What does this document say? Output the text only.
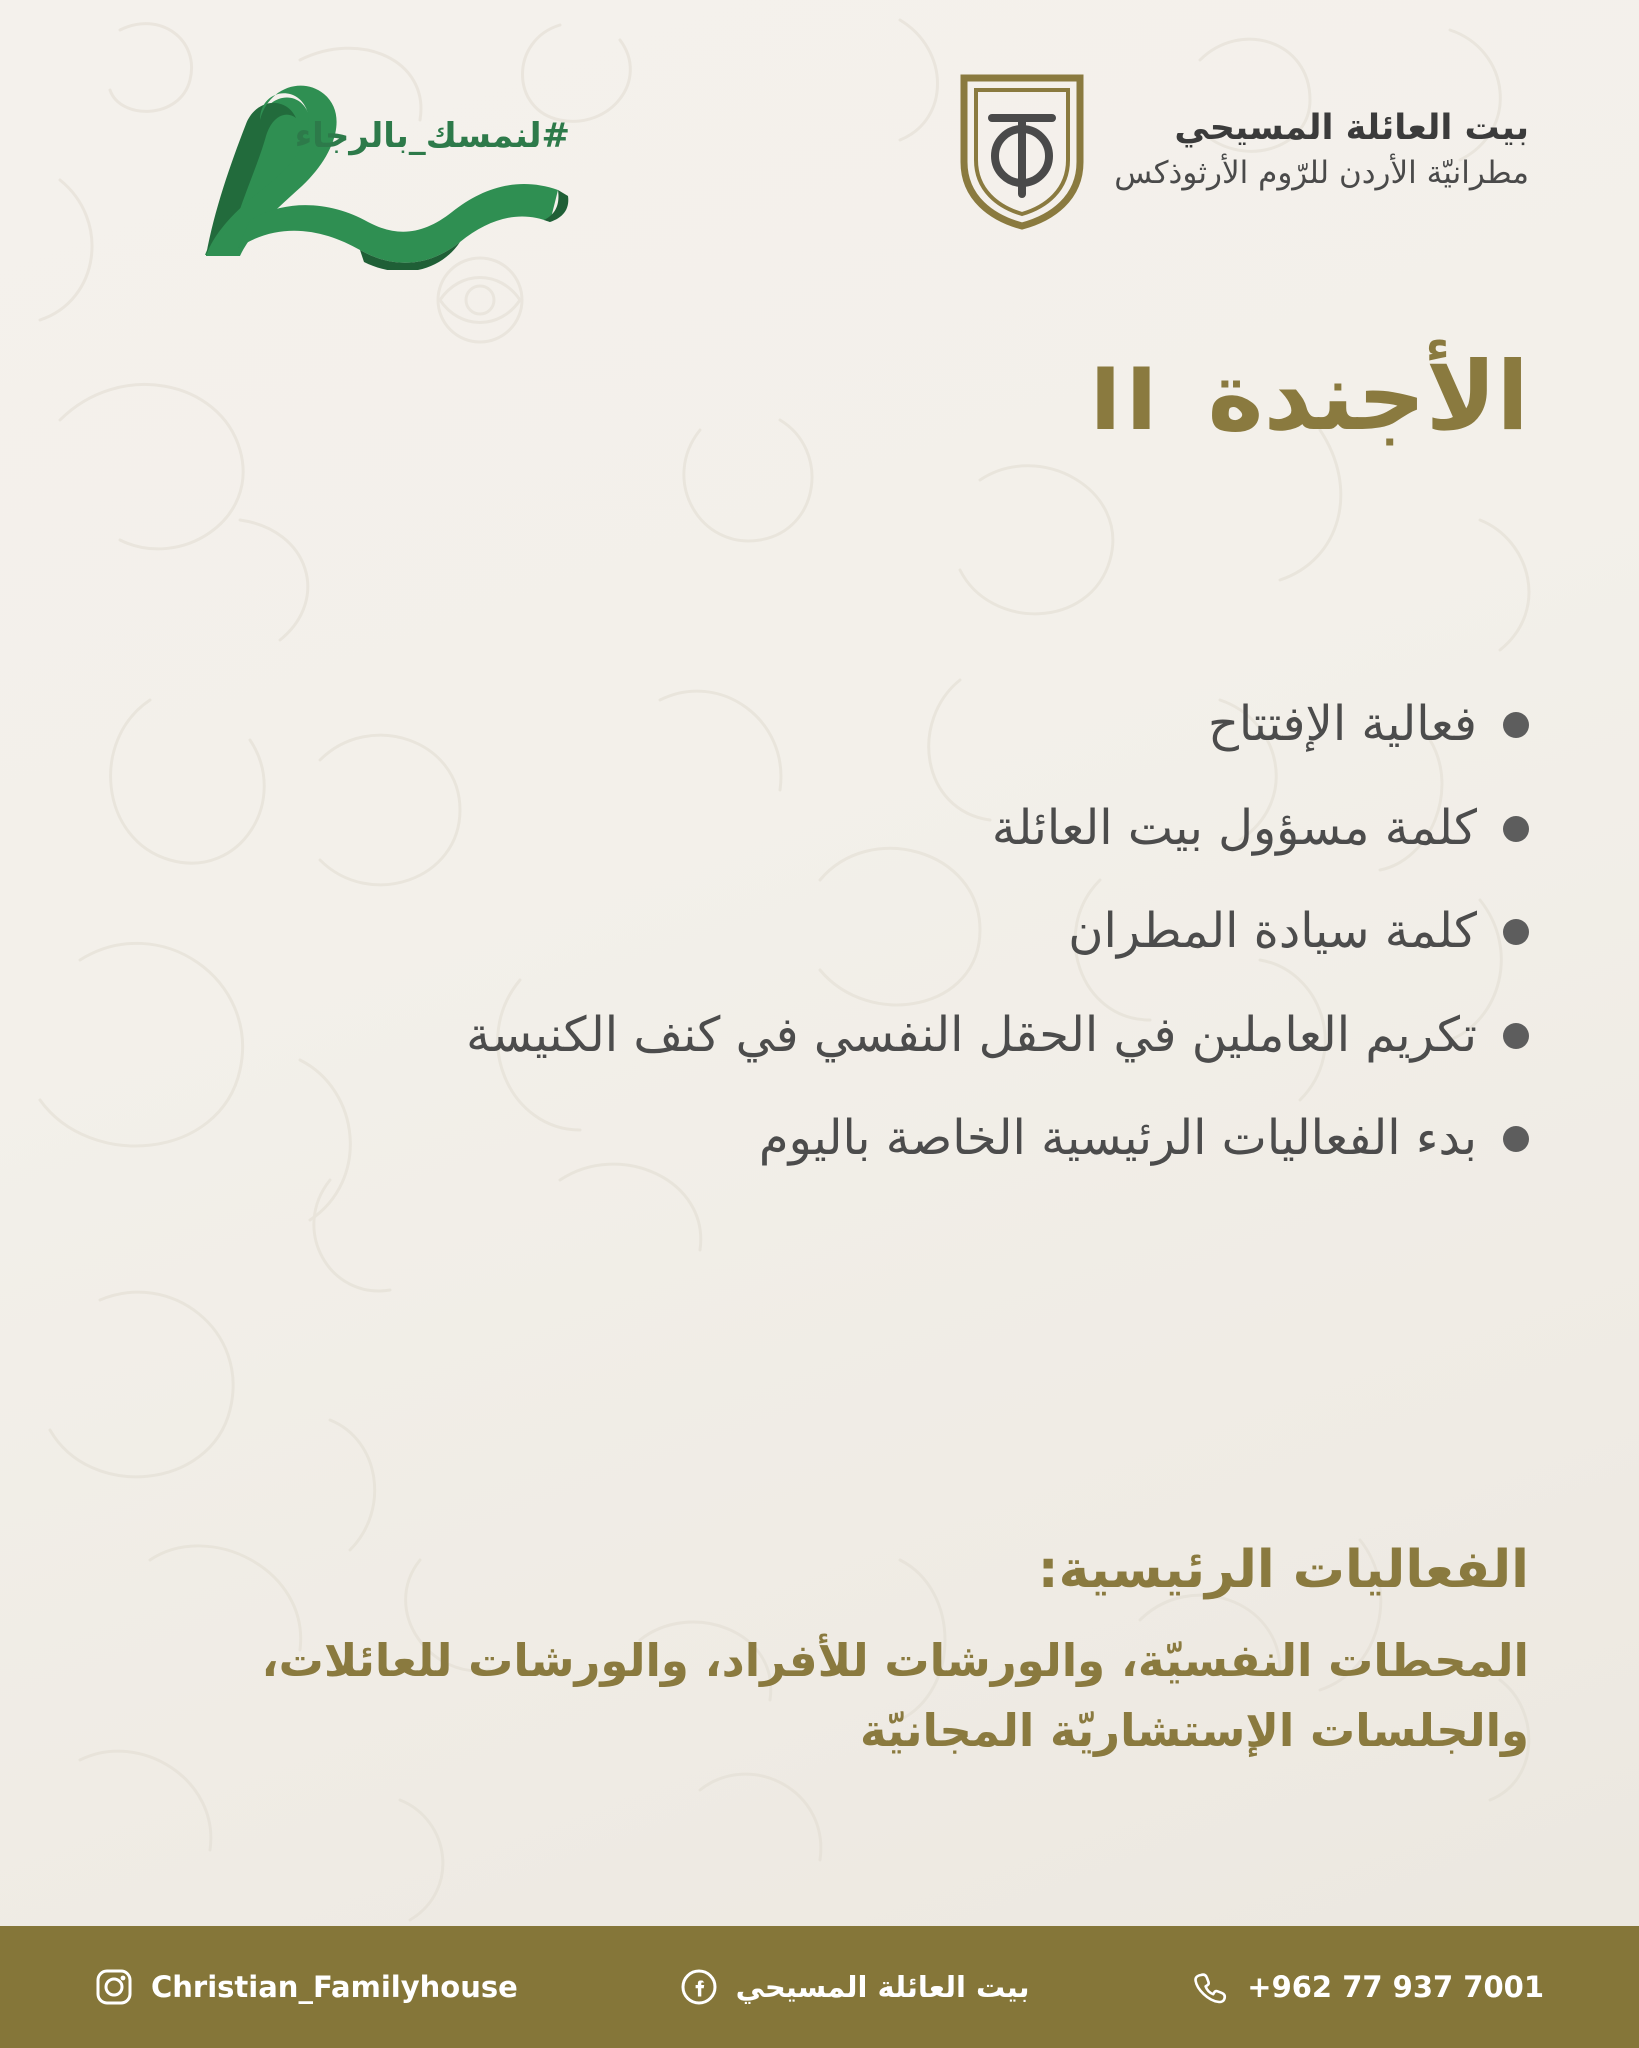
#لنمسك_بالرجاء	بيت العائلة المسيحي
مطرانيّة الأردن للرّوم الأرثوذكس
الأجندة
II
فعالية الإفتتاح
كلمة مسؤول بيت العائلة
كلمة سيادة المطران
تكريم العاملين في الحقل النفسي في كنف الكنيسة
بدء الفعاليات الرئيسية الخاصة باليوم
الفعاليات الرئيسية:
المحطات النفسيّة، والورشات للأفراد، والورشات للعائلات، والجلسات الإستشاريّة المجانيّة
Christian_Familyhouse	بيت العائلة المسيحي	+962 77 937 7001
